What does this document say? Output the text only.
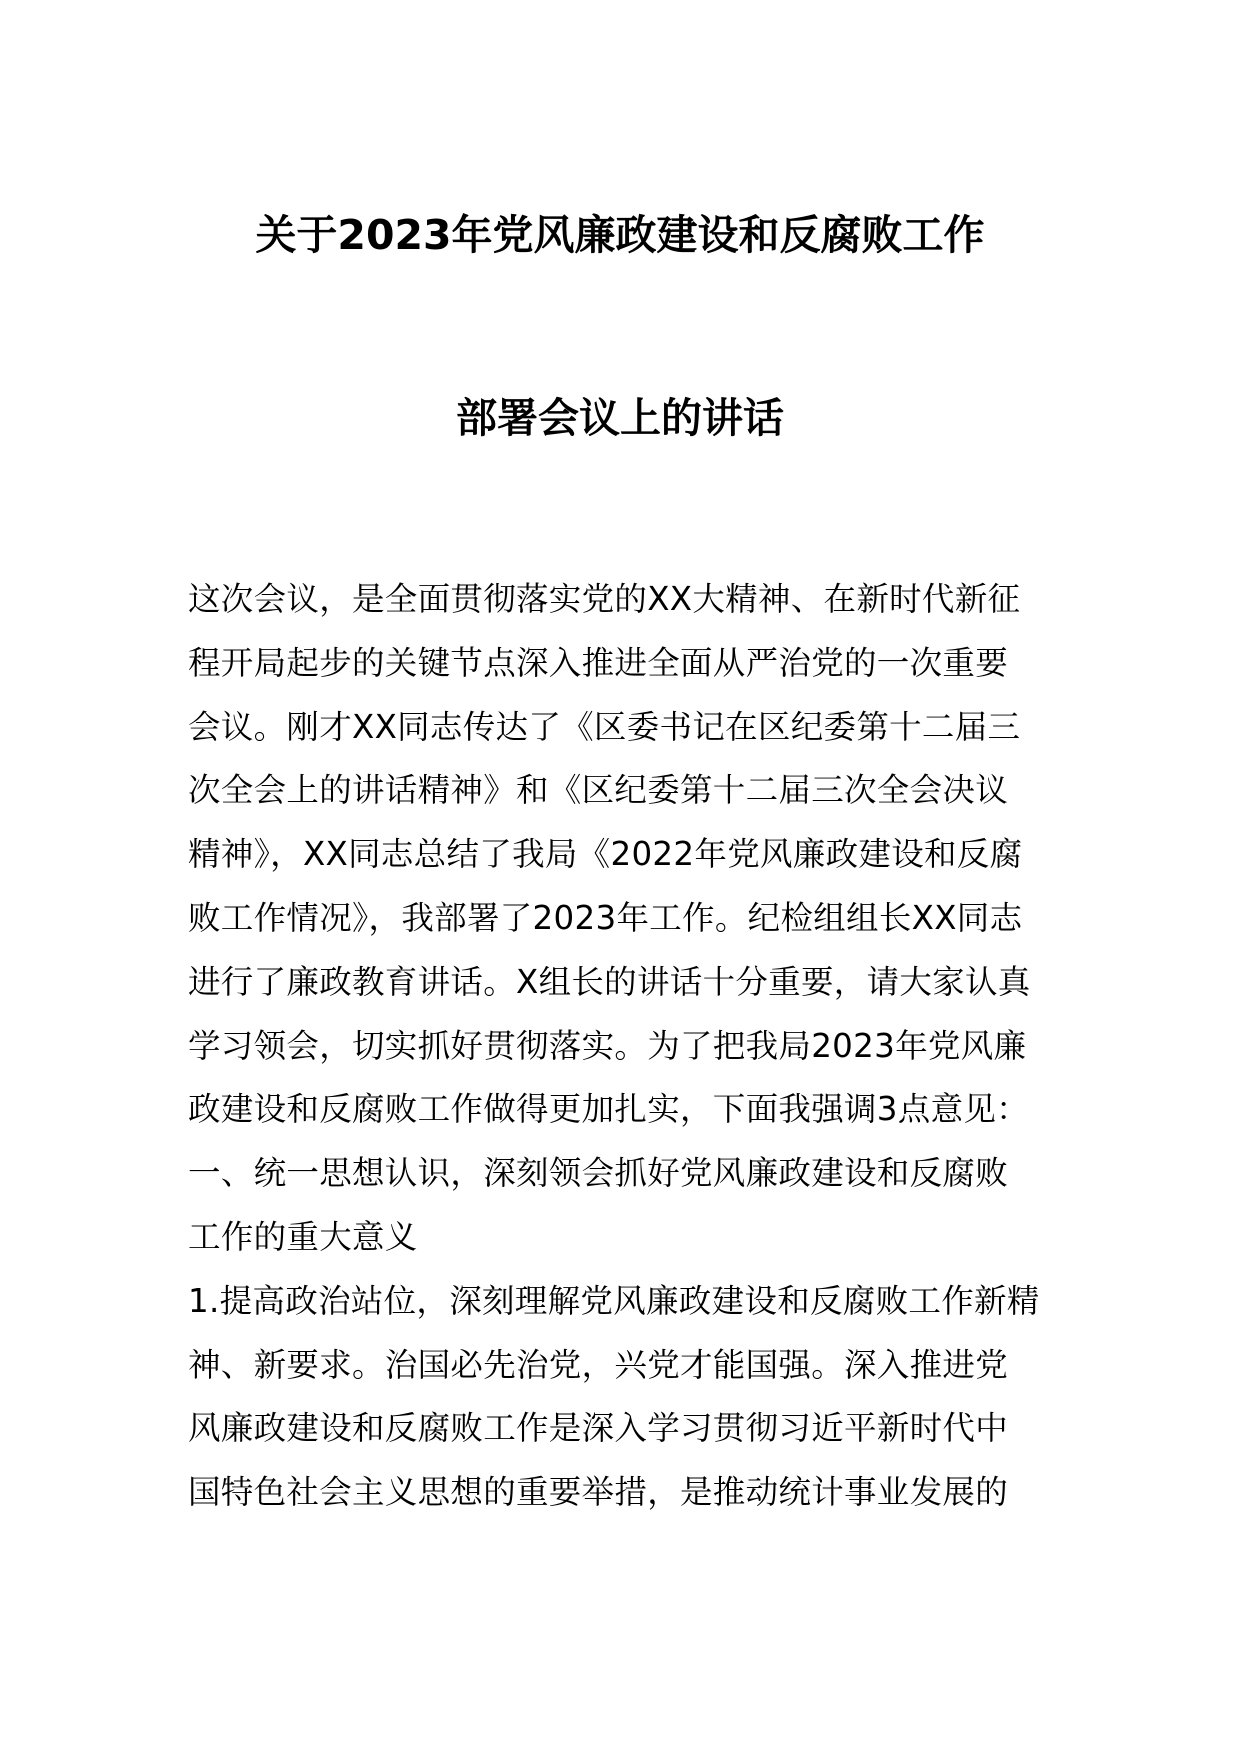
关于2023年党风廉政建设和反腐败工作
部署会议上的讲话
这次会议，是全面贯彻落实党的XX大精神、在新时代新征
程开局起步的关键节点深入推进全面从严治党的一次重要
会议。刚才XX同志传达了《区委书记在区纪委第十二届三
次全会上的讲话精神》和《区纪委第十二届三次全会决议
精神》，XX同志总结了我局《2022年党风廉政建设和反腐
败工作情况》，我部署了2023年工作。纪检组组长XX同志
进行了廉政教育讲话。X组长的讲话十分重要，请大家认真
学习领会，切实抓好贯彻落实。为了把我局2023年党风廉
政建设和反腐败工作做得更加扎实，下面我强调3点意见：
一、统一思想认识，深刻领会抓好党风廉政建设和反腐败
工作的重大意义
1.提高政治站位，深刻理解党风廉政建设和反腐败工作新精
神、新要求。治国必先治党，兴党才能国强。深入推进党
风廉政建设和反腐败工作是深入学习贯彻习近平新时代中
国特色社会主义思想的重要举措，是推动统计事业发展的
